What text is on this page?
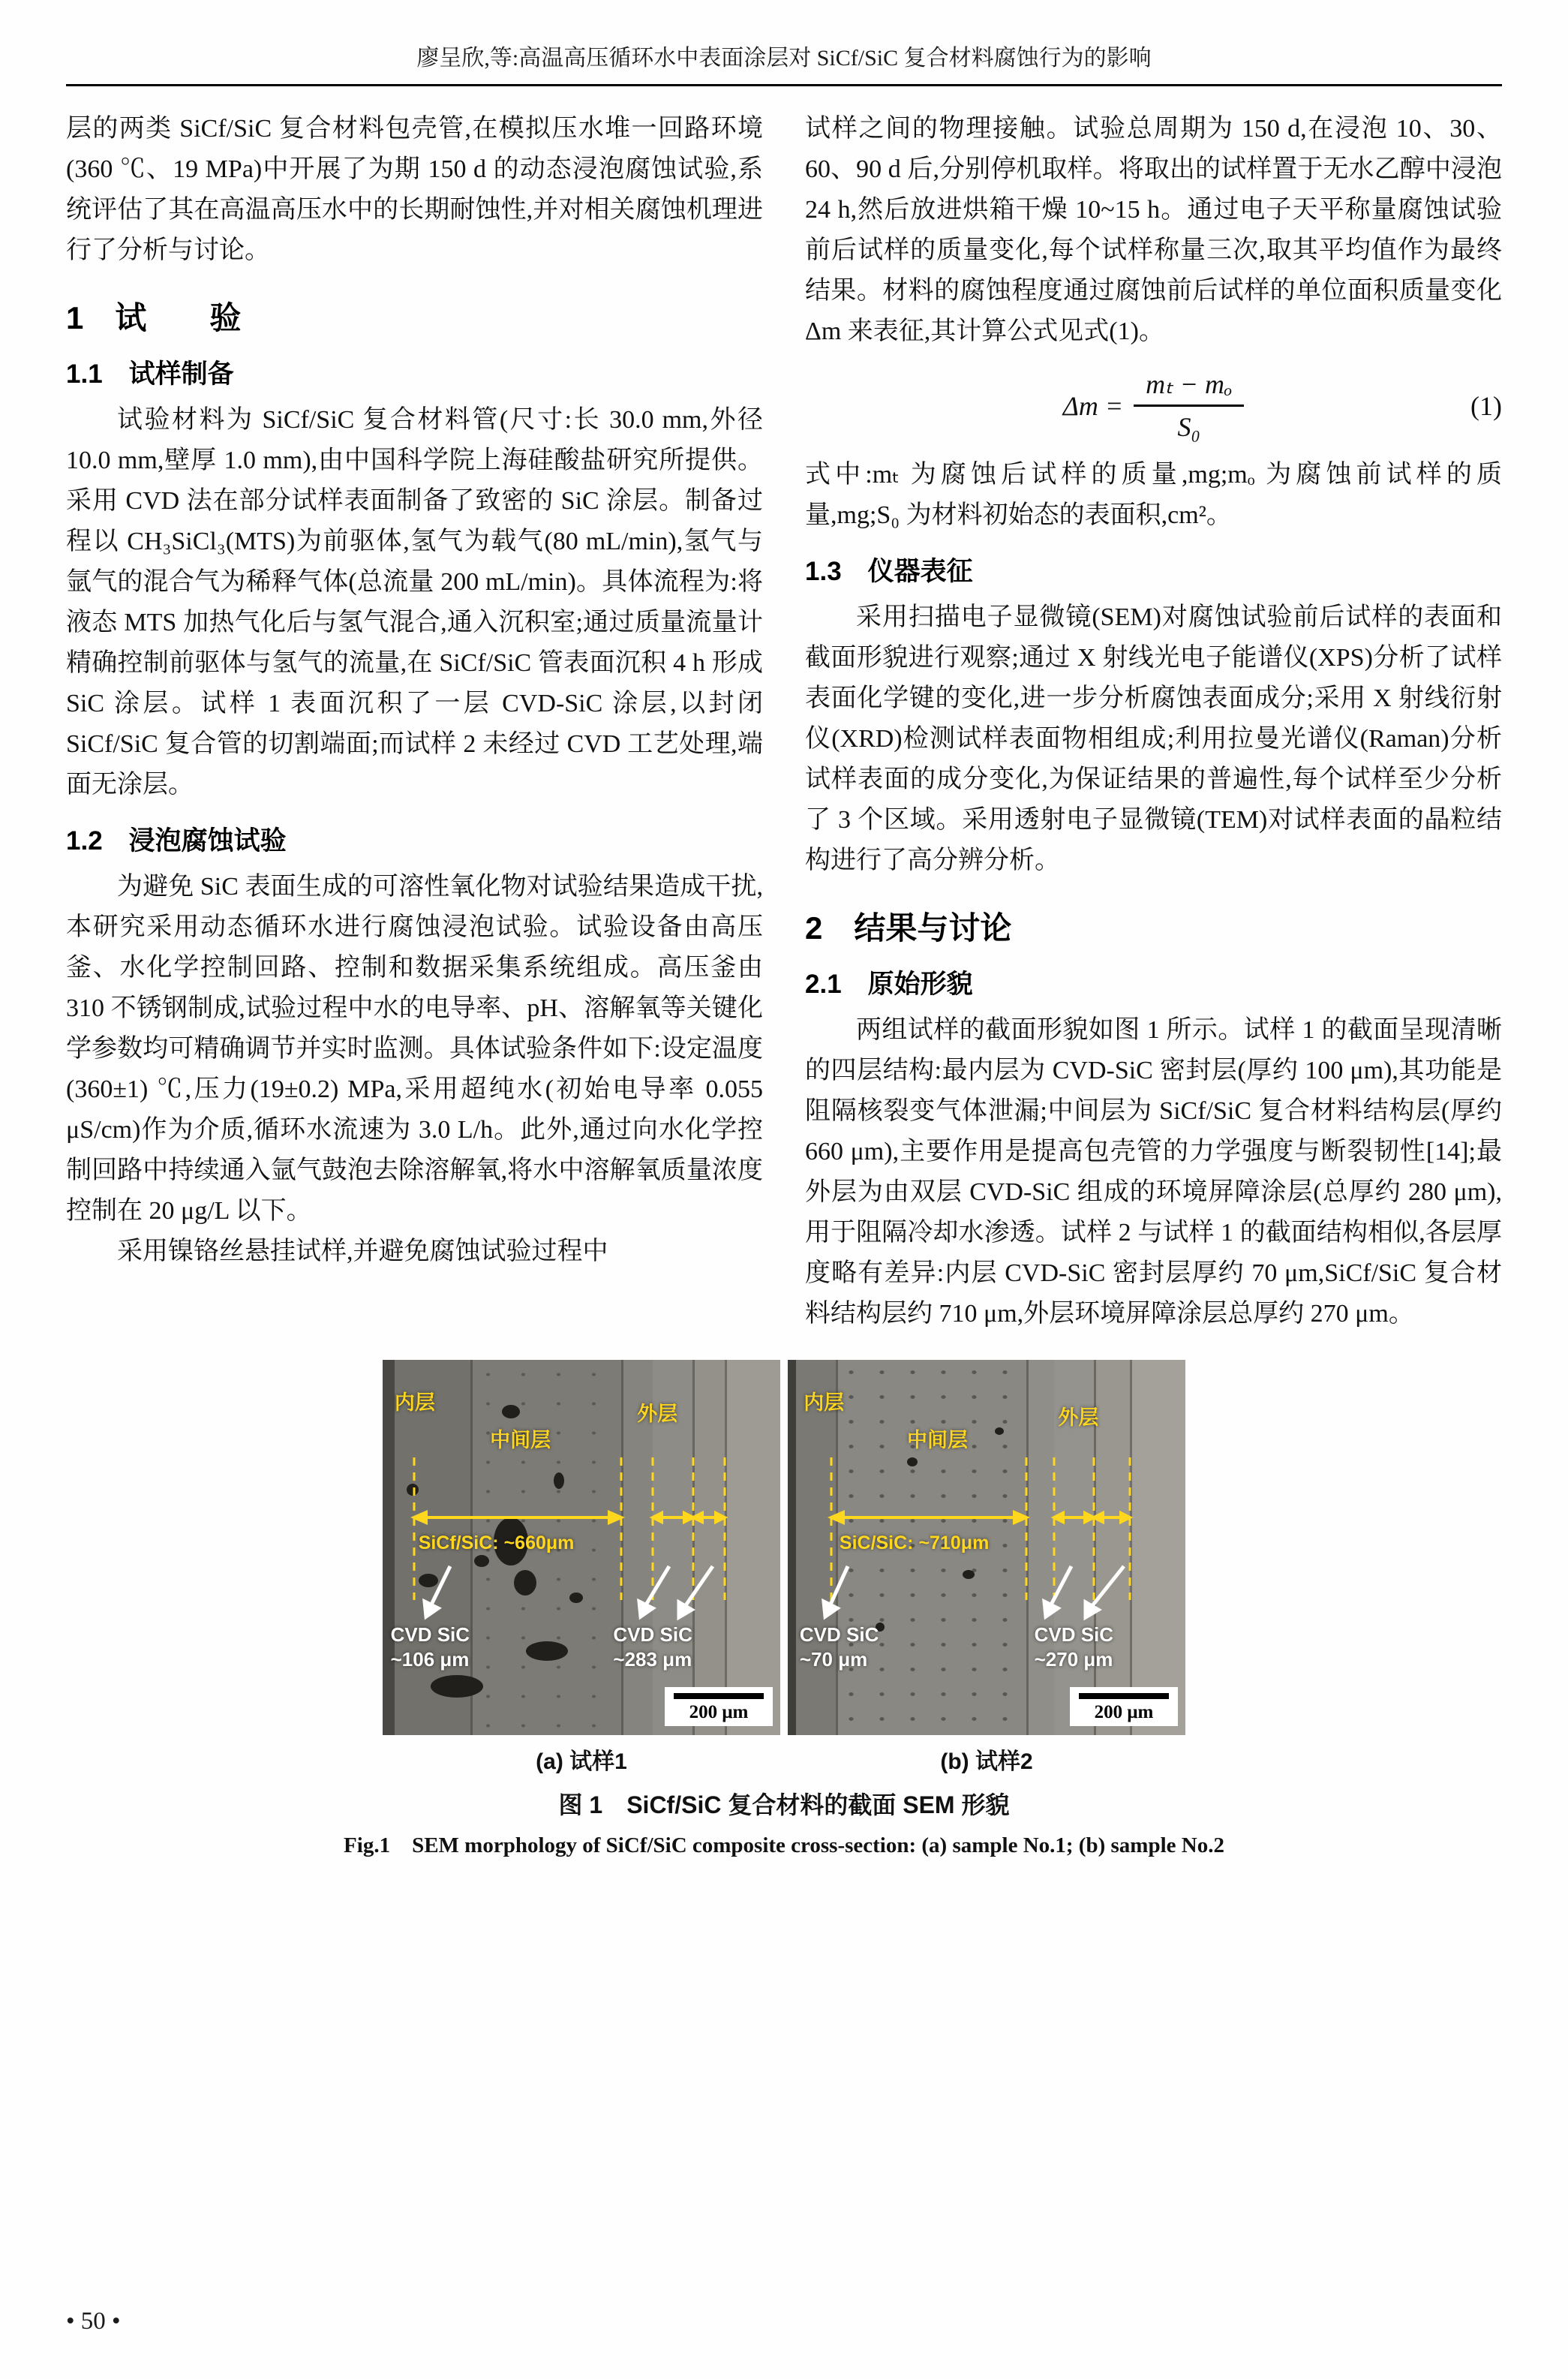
廖呈欣,等:高温高压循环水中表面涂层对 SiCf/SiC 复合材料腐蚀行为的影响

层的两类 SiCf/SiC 复合材料包壳管,在模拟压水堆一回路环境(360 ℃、19 MPa)中开展了为期 150 d 的动态浸泡腐蚀试验,系统评估了其在高温高压水中的长期耐蚀性,并对相关腐蚀机理进行了分析与讨论。

1　试　　验
1.1　试样制备

试验材料为 SiCf/SiC 复合材料管(尺寸:长 30.0 mm,外径 10.0 mm,壁厚 1.0 mm),由中国科学院上海硅酸盐研究所提供。采用 CVD 法在部分试样表面制备了致密的 SiC 涂层。制备过程以 CH₃SiCl₃(MTS)为前驱体,氢气为载气(80 mL/min),氢气与氩气的混合气为稀释气体(总流量 200 mL/min)。具体流程为:将液态 MTS 加热气化后与氢气混合,通入沉积室;通过质量流量计精确控制前驱体与氢气的流量,在 SiCf/SiC 管表面沉积 4 h 形成 SiC 涂层。试样 1 表面沉积了一层 CVD-SiC 涂层,以封闭 SiCf/SiC 复合管的切割端面;而试样 2 未经过 CVD 工艺处理,端面无涂层。

1.2　浸泡腐蚀试验

为避免 SiC 表面生成的可溶性氧化物对试验结果造成干扰,本研究采用动态循环水进行腐蚀浸泡试验。试验设备由高压釜、水化学控制回路、控制和数据采集系统组成。高压釜由 310 不锈钢制成,试验过程中水的电导率、pH、溶解氧等关键化学参数均可精确调节并实时监测。具体试验条件如下:设定温度(360±1) ℃,压力(19±0.2) MPa,采用超纯水(初始电导率 0.055 μS/cm)作为介质,循环水流速为 3.0 L/h。此外,通过向水化学控制回路中持续通入氩气鼓泡去除溶解氧,将水中溶解氧质量浓度控制在 20 μg/L 以下。

采用镍铬丝悬挂试样,并避免腐蚀试验过程中

试样之间的物理接触。试验总周期为 150 d,在浸泡 10、30、60、90 d 后,分别停机取样。将取出的试样置于无水乙醇中浸泡 24 h,然后放进烘箱干燥 10~15 h。通过电子天平称量腐蚀试验前后试样的质量变化,每个试样称量三次,取其平均值作为最终结果。材料的腐蚀程度通过腐蚀前后试样的单位面积质量变化 Δm 来表征,其计算公式见式(1)。

$\Delta m = \frac{\text{mₜ − mₒ}}{\text{S₀}}$	(1)

式中:mₜ 为腐蚀后试样的质量,mg;mₒ 为腐蚀前试样的质量,mg;S₀ 为材料初始态的表面积,cm²。

1.3　仪器表征

采用扫描电子显微镜(SEM)对腐蚀试验前后试样的表面和截面形貌进行观察;通过 X 射线光电子能谱仪(XPS)分析了试样表面化学键的变化,进一步分析腐蚀表面成分;采用 X 射线衍射仪(XRD)检测试样表面物相组成;利用拉曼光谱仪(Raman)分析试样表面的成分变化,为保证结果的普遍性,每个试样至少分析了 3 个区域。采用透射电子显微镜(TEM)对试样表面的晶粒结构进行了高分辨分析。

2　结果与讨论
2.1　原始形貌

两组试样的截面形貌如图 1 所示。试样 1 的截面呈现清晰的四层结构:最内层为 CVD-SiC 密封层(厚约 100 μm),其功能是阻隔核裂变气体泄漏;中间层为 SiCf/SiC 复合材料结构层(厚约 660 μm),主要作用是提高包壳管的力学强度与断裂韧性[14];最外层为由双层 CVD-SiC 组成的环境屏障涂层(总厚约 280 μm),用于阻隔冷却水渗透。试样 2 与试样 1 的截面结构相似,各层厚度略有差异:内层 CVD-SiC 密封层厚约 70 μm,SiCf/SiC 复合材料结构层约 710 μm,外层环境屏障涂层总厚约 270 μm。

内层
中间层
外层
SiCf/SiC: ~660μm
CVD SiC
~106 μm
CVD SiC
~283 μm
200 μm
内层
中间层
外层
SiC/SiC: ~710μm
CVD SiC
~70 μm
CVD SiC
~270 μm
200 μm
(a) 试样1	(b) 试样2
图 1　SiCf/SiC 复合材料的截面 SEM 形貌
Fig.1　SEM morphology of SiCf/SiC composite cross-section: (a) sample No.1; (b) sample No.2
• 50 •
